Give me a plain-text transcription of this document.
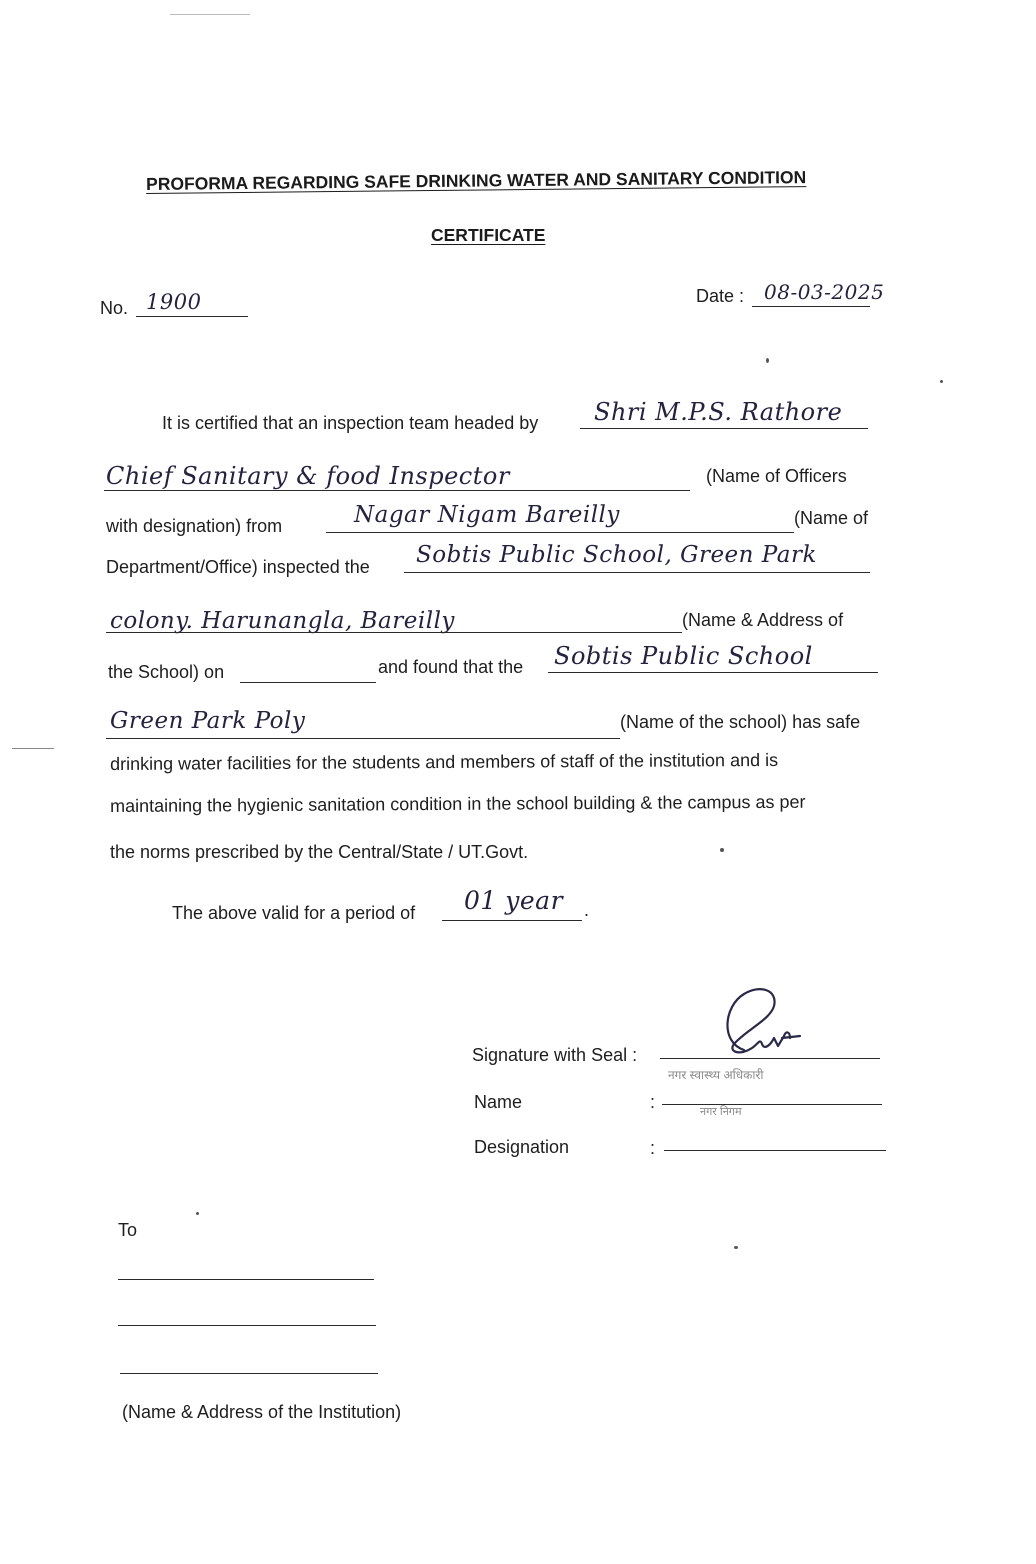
PROFORMA REGARDING SAFE DRINKING WATER AND SANITARY CONDITION
CERTIFICATE
No. 1900	Date : 08-03-2025
It is certified that an inspection team headed by Shri M.P.S. Rathore
Chief Sanitary & food Inspector	(Name of Officers
with designation) from	Nagar Nigam Bareilly	(Name of
Department/Office) inspected the Sobtis Public School, Green Park
colony. Harunangla, Bareilly	(Name & Address of
the School) on	and found that the Sobtis Public School
Green Park Poly	(Name of the school) has safe
drinking water facilities for the students and members of staff of the institution and is
maintaining the hygienic sanitation condition in the school building & the campus as per
the norms prescribed by the Central/State / UT.Govt.
The above valid for a period of 01 year .
Signature with Seal :
नगर स्वास्थ्य अधिकारी
नगर निगम
Name	:
Designation	:
To
(Name & Address of the Institution)
